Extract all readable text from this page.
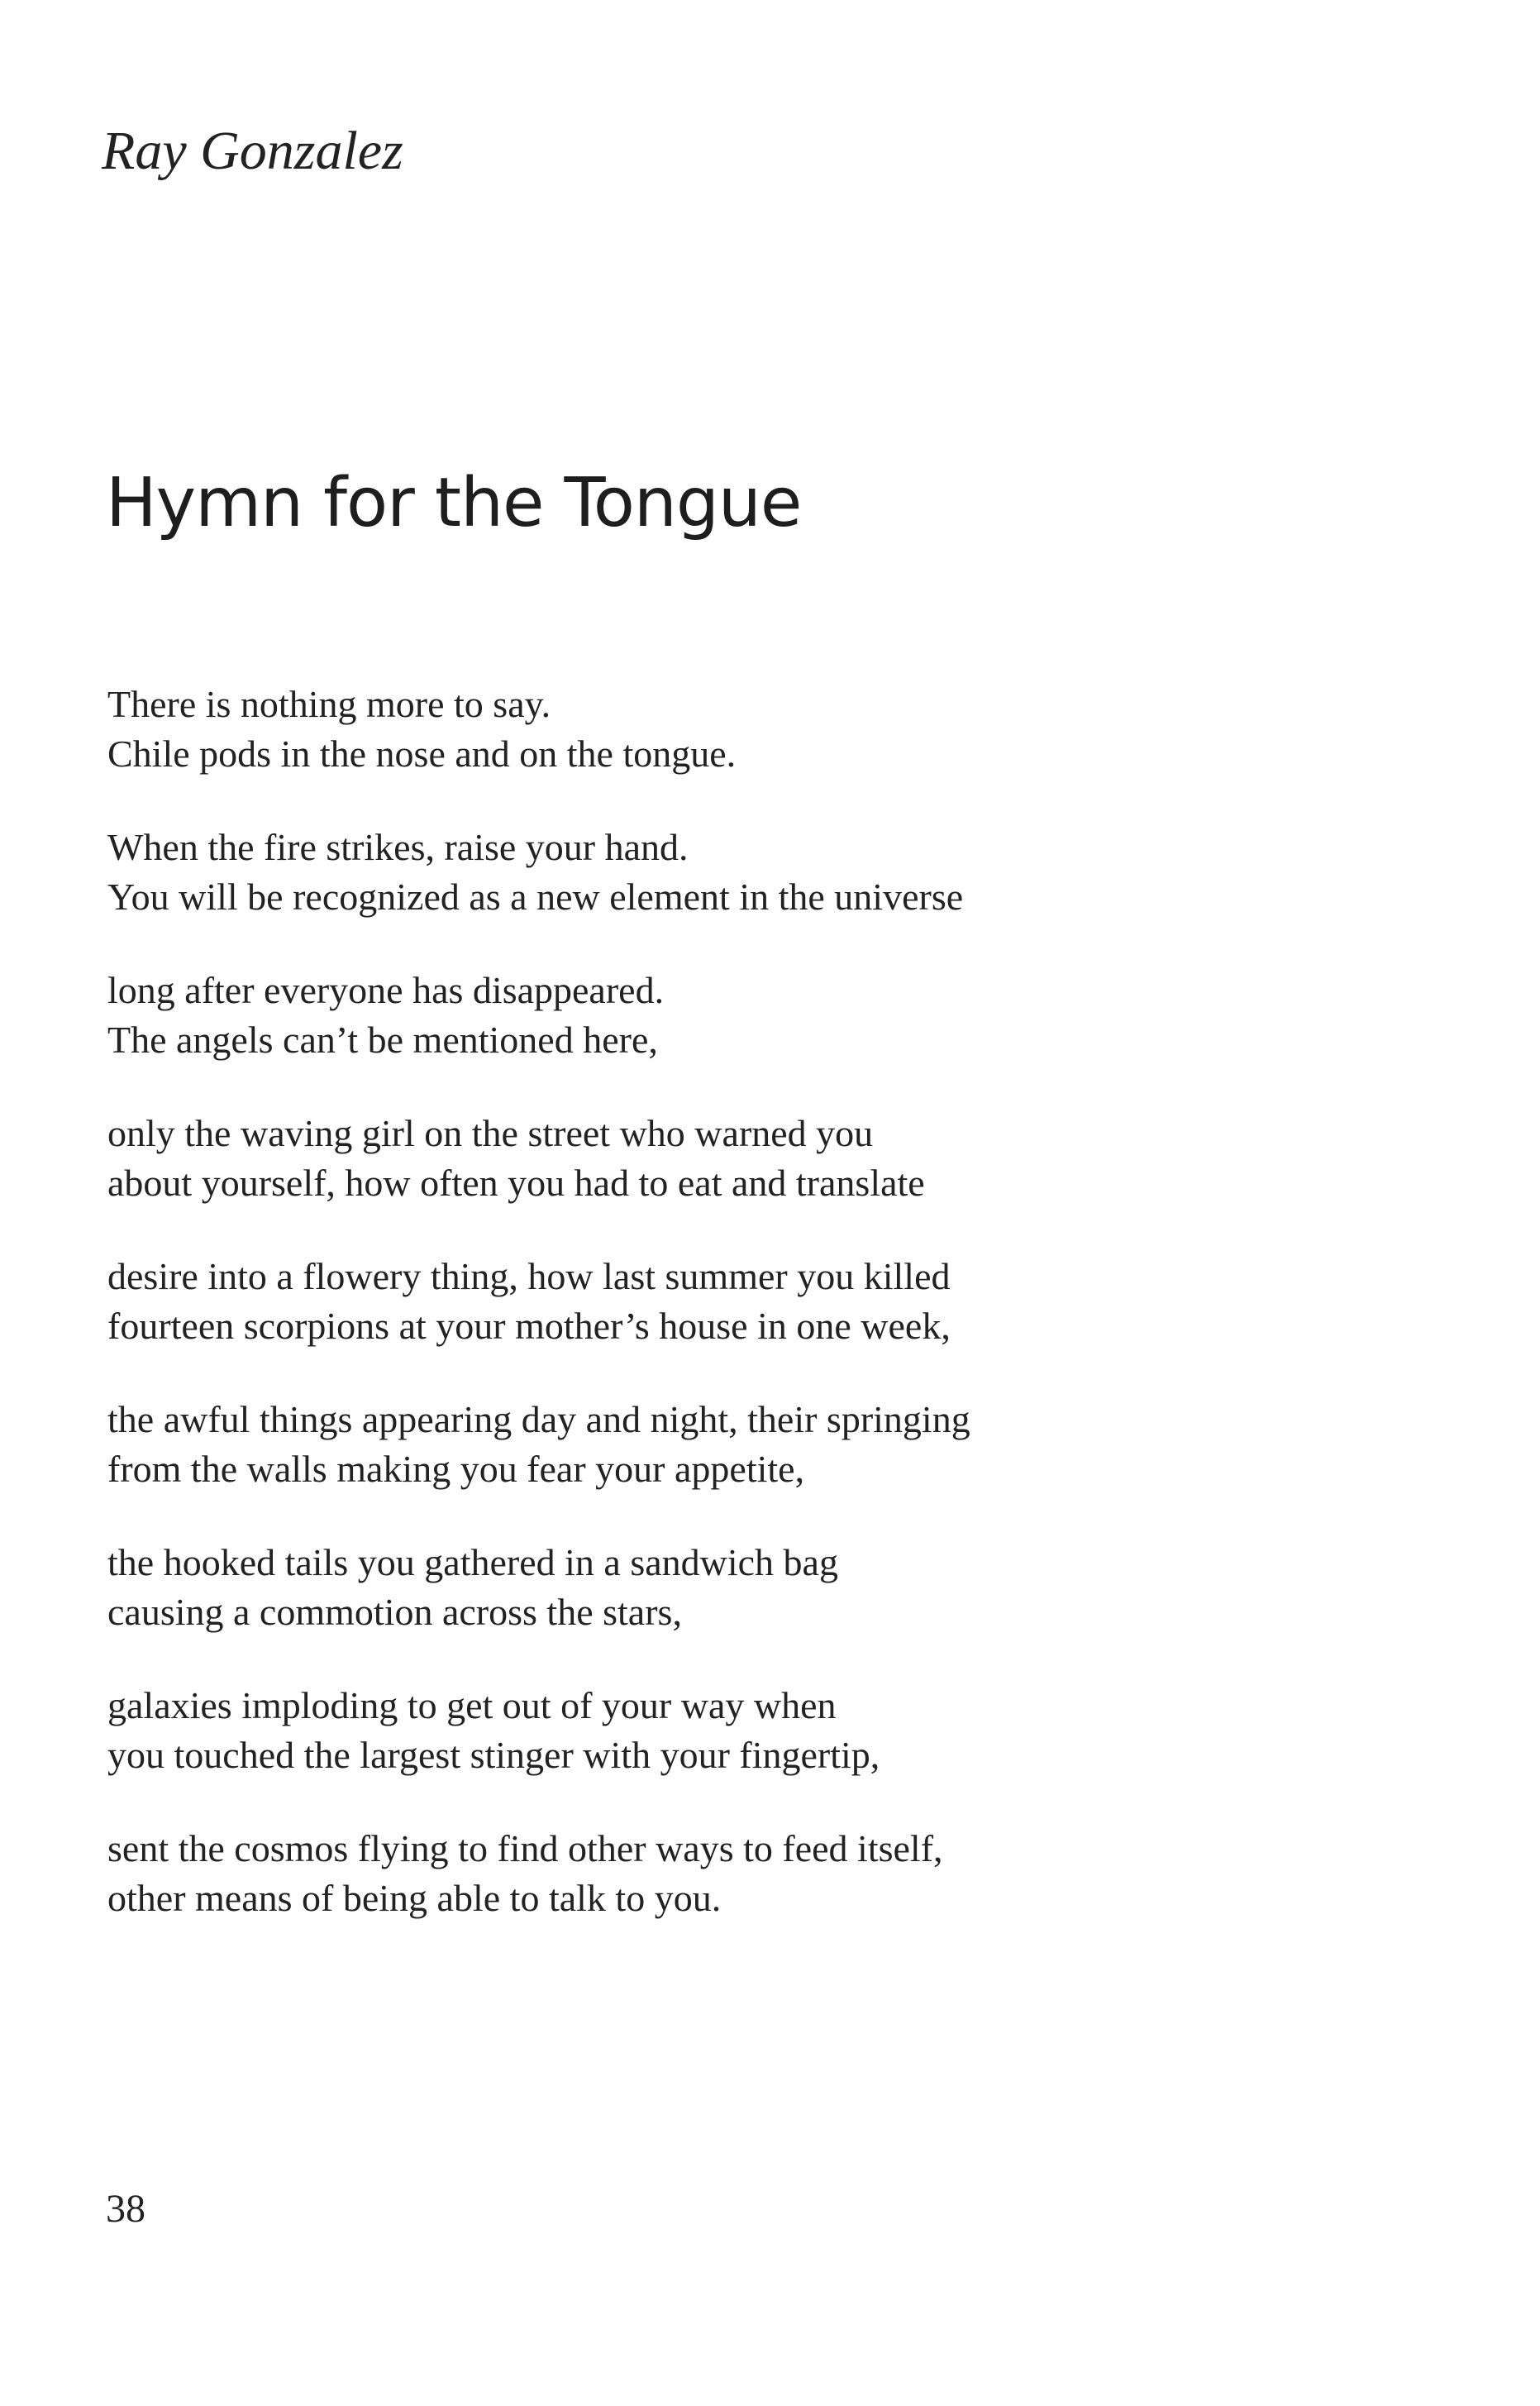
Ray Gonzalez
Hymn for the Tongue
There is nothing more to say.
Chile pods in the nose and on the tongue.
When the fire strikes, raise your hand.
You will be recognized as a new element in the universe
long after everyone has disappeared.
The angels can’t be mentioned here,
only the waving girl on the street who warned you
about yourself, how often you had to eat and translate
desire into a flowery thing, how last summer you killed
fourteen scorpions at your mother’s house in one week,
the awful things appearing day and night, their springing
from the walls making you fear your appetite,
the hooked tails you gathered in a sandwich bag
causing a commotion across the stars,
galaxies imploding to get out of your way when
you touched the largest stinger with your fingertip,
sent the cosmos flying to find other ways to feed itself,
other means of being able to talk to you.
38
